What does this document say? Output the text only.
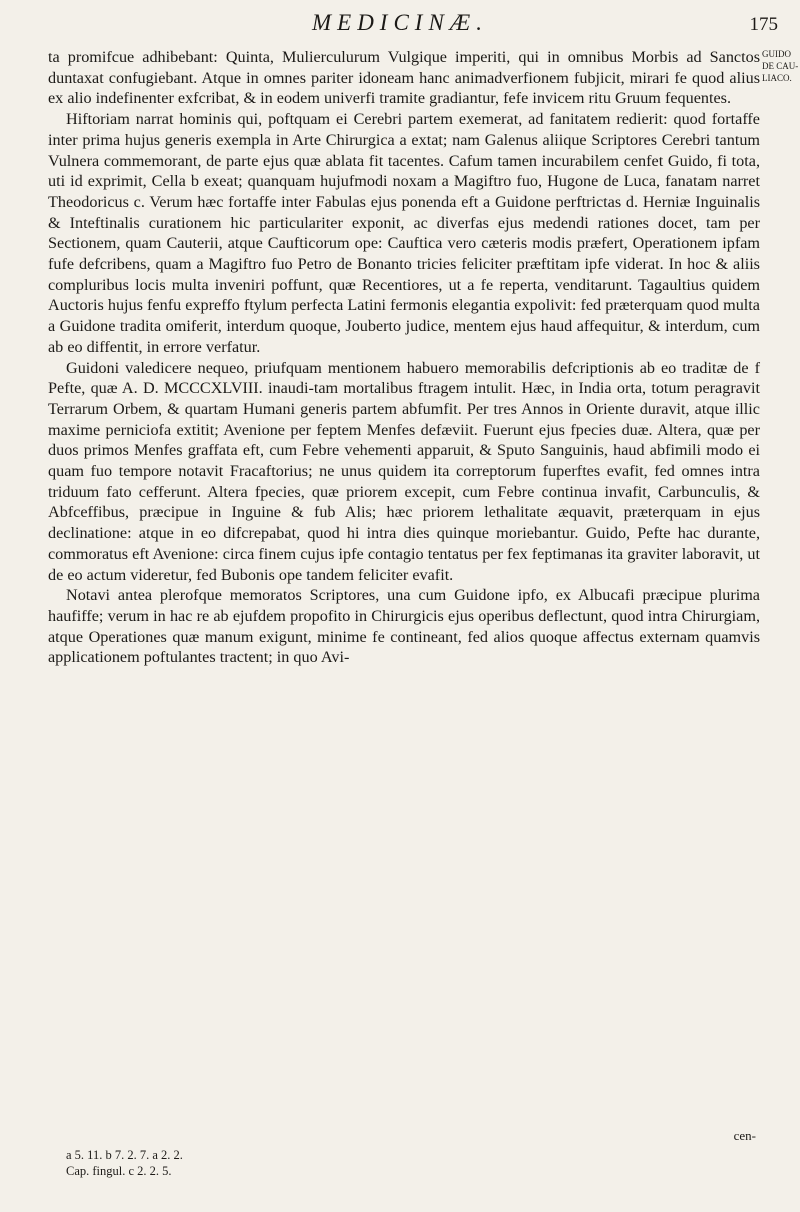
MEDICINÆ.	175
GUIDO
DE CAU-
LIACO.

ta promifcue adhibebant: Quinta, Mulierculurum Vulgique imperiti, qui in omnibus Morbis ad Sanctos duntaxat confugiebant. Atque in omnes pariter idoneam hanc animadverfionem fubjicit, mirari fe quod alius ex alio indefinenter exfcribat, & in eodem univerfi tramite gradiantur, fefe invicem ritu Gruum fequentes.

Hiftoriam narrat hominis qui, poftquam ei Cerebri partem exemerat, ad fanitatem redierit: quod fortaffe inter prima hujus generis exempla in Arte Chirurgica a extat; nam Galenus aliique Scriptores Cerebri tantum Vulnera commemorant, de parte ejus quæ ablata fit tacentes. Cafum tamen incurabilem cenfet Guido, fi tota, uti id exprimit, Cella b exeat; quanquam hujufmodi noxam a Magiftro fuo, Hugone de Luca, fanatam narret Theodoricus c. Verum hæc fortaffe inter Fabulas ejus ponenda eft a Guidone perftrictas d. Herniæ Inguinalis & Inteftinalis curationem hic particulariter exponit, ac diverfas ejus medendi rationes docet, tam per Sectionem, quam Cauterii, atque Caufticorum ope: Cauftica vero cæteris modis præfert, Operationem ipfam fufe defcribens, quam a Magiftro fuo Petro de Bonanto tricies feliciter præftitam ipfe viderat. In hoc & aliis compluribus locis multa inveniri poffunt, quæ Recentiores, ut a fe reperta, venditarunt. Tagaultius quidem Auctoris hujus fenfu expreffo ftylum perfecta Latini fermonis elegantia expolivit: fed præterquam quod multa a Guidone tradita omiferit, interdum quoque, Jouberto judice, mentem ejus haud affequitur, & interdum, cum ab eo diffentit, in errore verfatur.

Guidoni valedicere nequeo, priufquam mentionem habuero memorabilis defcriptionis ab eo traditæ de f Pefte, quæ A. D. MCCCXLVIII. inaudi-tam mortalibus ftragem intulit. Hæc, in India orta, totum peragravit Terrarum Orbem, & quartam Humani generis partem abfumfit. Per tres Annos in Oriente duravit, atque illic maxime perniciofa extitit; Avenione per feptem Menfes defæviit. Fuerunt ejus fpecies duæ. Altera, quæ per duos primos Menfes graffata eft, cum Febre vehementi apparuit, & Sputo Sanguinis, haud abfimili modo ei quam fuo tempore notavit Fracaftorius; ne unus quidem ita correptorum fuperftes evafit, fed omnes intra triduum fato cefferunt. Altera fpecies, quæ priorem excepit, cum Febre continua invafit, Carbunculis, & Abfceffibus, præcipue in Inguine & fub Alis; hæc priorem lethalitate æquavit, præterquam in ejus declinatione: atque in eo difcrepabat, quod hi intra dies quinque moriebantur. Guido, Pefte hac durante, commoratus eft Avenione: circa finem cujus ipfe contagio tentatus per fex feptimanas ita graviter laboravit, ut de eo actum videretur, fed Bubonis ope tandem feliciter evafit.

Notavi antea plerofque memoratos Scriptores, una cum Guidone ipfo, ex Albucafi præcipue plurima haufiffe; verum in hac re ab ejufdem propofito in Chirurgicis ejus operibus deflectunt, quod intra Chirurgiam, atque Operationes quæ manum exigunt, minime fe contineant, fed alios quoque affectus externam quamvis applicationem poftulantes tractent; in quo Avi-

cen-
a 5. 11. b 7. 2. 7. a 2. 2.
Cap. fingul. c 2. 2. 5.
